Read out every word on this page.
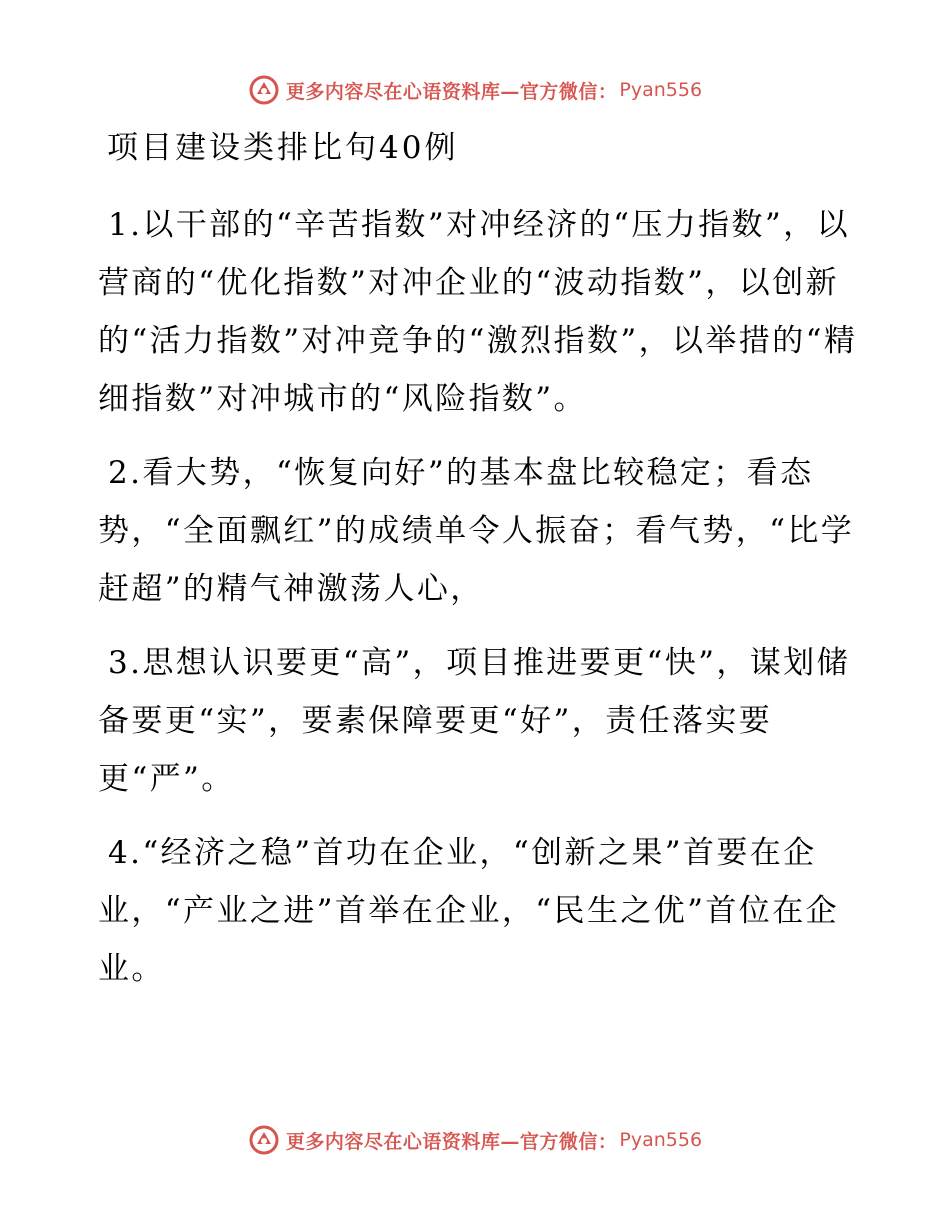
更多内容尽在心语资料库—官方微信： Pyan556
项目建设类排比句40例

1.以干部的“辛苦指数”对冲经济的“压力指数”，以营商的“优化指数”对冲企业的“波动指数”，以创新的“活力指数”对冲竞争的“激烈指数”，以举措的“精细指数”对冲城市的“风险指数”。

2.看大势，“恢复向好”的基本盘比较稳定；看态势，“全面飘红”的成绩单令人振奋；看气势，“比学赶超”的精气神激荡人心，

3.思想认识要更“高”，项目推进要更“快”，谋划储备要更“实”，要素保障要更“好”，责任落实要更“严”。

4.“经济之稳”首功在企业，“创新之果”首要在企业，“产业之进”首举在企业，“民生之优”首位在企业。

更多内容尽在心语资料库—官方微信： Pyan556
